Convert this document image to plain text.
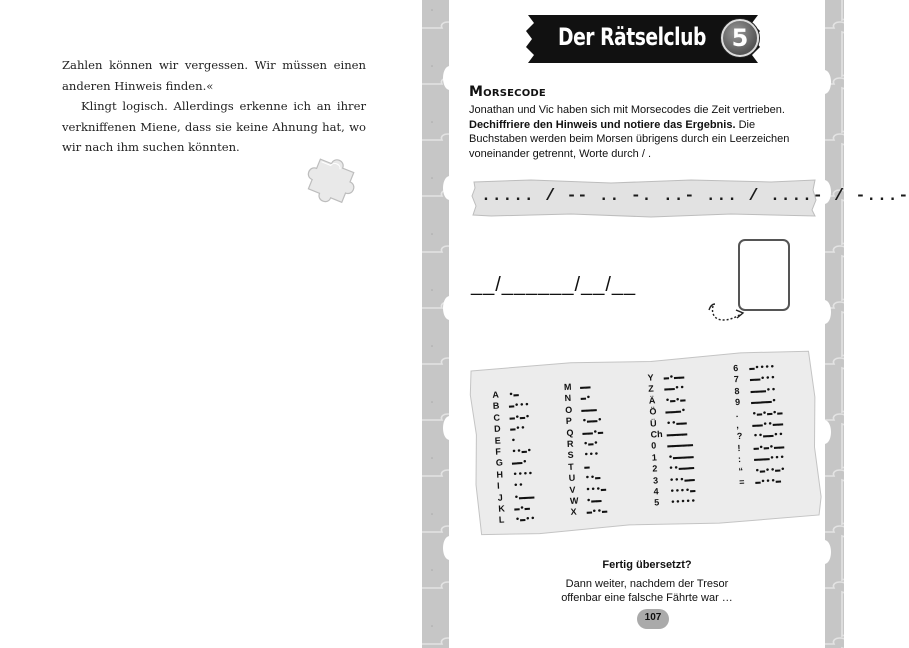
Zahlen können wir vergessen. Wir müssen einen anderen Hinweis finden.«

Klingt logisch. Allerdings erkenne ich an ihrer verkniffenen Miene, dass sie keine Ahnung hat, wo wir nach ihm suchen könnten.

Der Rätselclub	5
Morsecode
Jonathan und Vic haben sich mit Morsecodes die Zeit vertrieben. Dechiffriere den Hinweis und notiere das Ergebnis. Die Buchstaben werden beim Morsen übrigens durch ein Leerzeichen voneinander getrennt, Worte durch / .
..... / -- .. -. ..- ... / ....- / -...-
__/______/__/__
A •▬
B ▬•••
C ▬•▬•
D ▬••
E •
F ••▬•
G ▬▬•
H ••••
I ••
J •▬▬▬
K ▬•▬
L •▬••
M ▬▬
N ▬•
O ▬▬▬
P •▬▬•
Q ▬▬•▬
R •▬•
S •••
T ▬
U ••▬
V •••▬
W •▬▬
X ▬••▬
Y ▬•▬▬
Z ▬▬••
Ä •▬•▬
Ö ▬▬▬•
Ü ••▬▬
Ch ▬▬▬▬
0 ▬▬▬▬▬
1 •▬▬▬▬
2 ••▬▬▬
3 •••▬▬
4 ••••▬
5 •••••
6 ▬••••
7 ▬▬•••
8 ▬▬▬••
9 ▬▬▬▬•
. •▬•▬•▬
, ▬▬••▬▬
? ••▬▬••
! ▬•▬•▬▬
: ▬▬▬•••
“ •▬••▬•
= ▬•••▬
Fertig übersetzt?
Dann weiter, nachdem der Tresor
offenbar eine falsche Fährte war …
107
